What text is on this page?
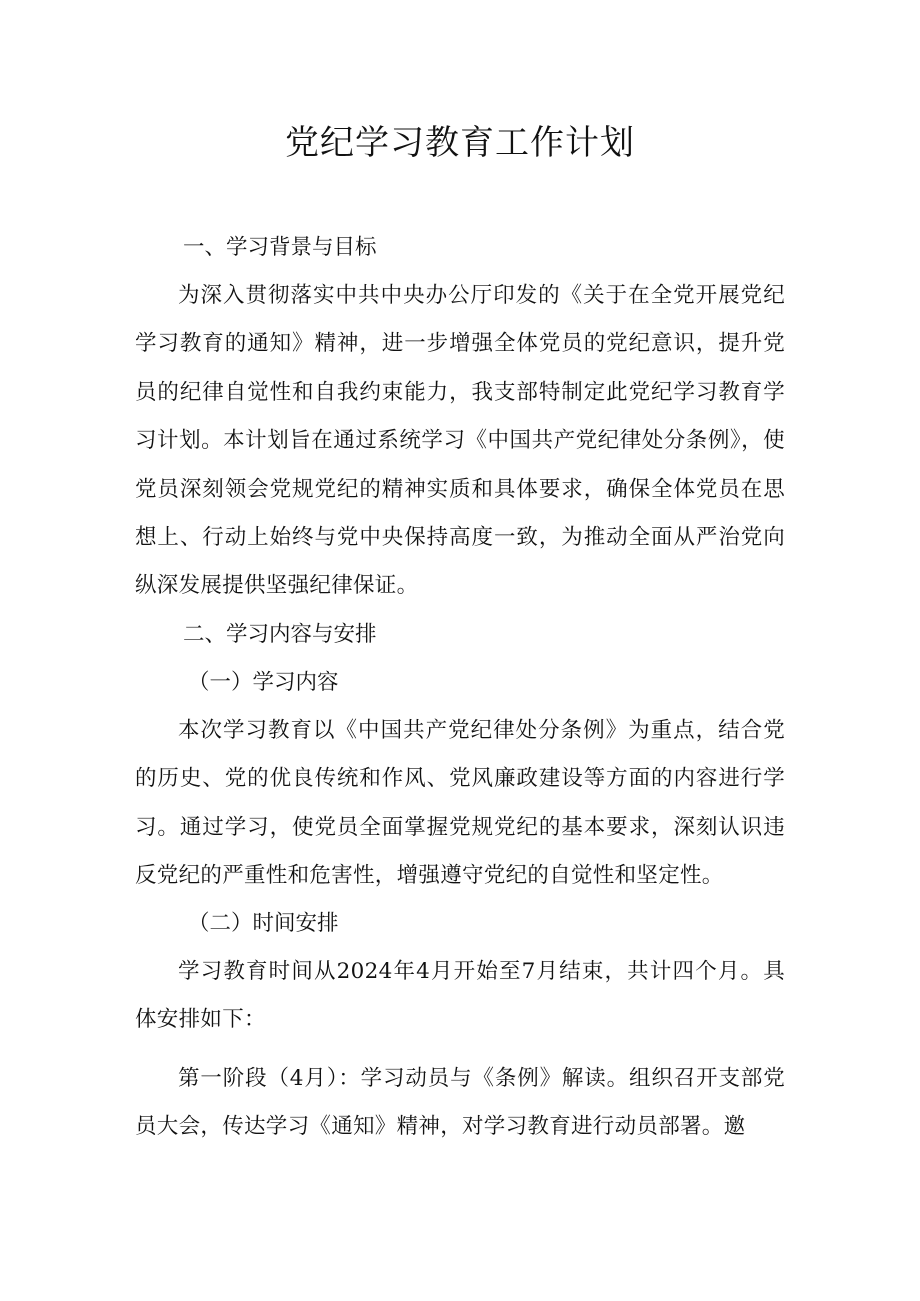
党纪学习教育工作计划

一、学习背景与目标

为深入贯彻落实中共中央办公厅印发的《关于在全党开展党纪学习教育的通知》精神，进一步增强全体党员的党纪意识，提升党员的纪律自觉性和自我约束能力，我支部特制定此党纪学习教育学习计划。本计划旨在通过系统学习《中国共产党纪律处分条例》，使党员深刻领会党规党纪的精神实质和具体要求，确保全体党员在思想上、行动上始终与党中央保持高度一致，为推动全面从严治党向纵深发展提供坚强纪律保证。

二、学习内容与安排

（一）学习内容

本次学习教育以《中国共产党纪律处分条例》为重点，结合党的历史、党的优良传统和作风、党风廉政建设等方面的内容进行学习。通过学习，使党员全面掌握党规党纪的基本要求，深刻认识违反党纪的严重性和危害性，增强遵守党纪的自觉性和坚定性。

（二）时间安排

学习教育时间从2024年4月开始至7月结束，共计四个月。具体安排如下：

第一阶段（4月）：学习动员与《条例》解读。组织召开支部党员大会，传达学习《通知》精神，对学习教育进行动员部署。邀
